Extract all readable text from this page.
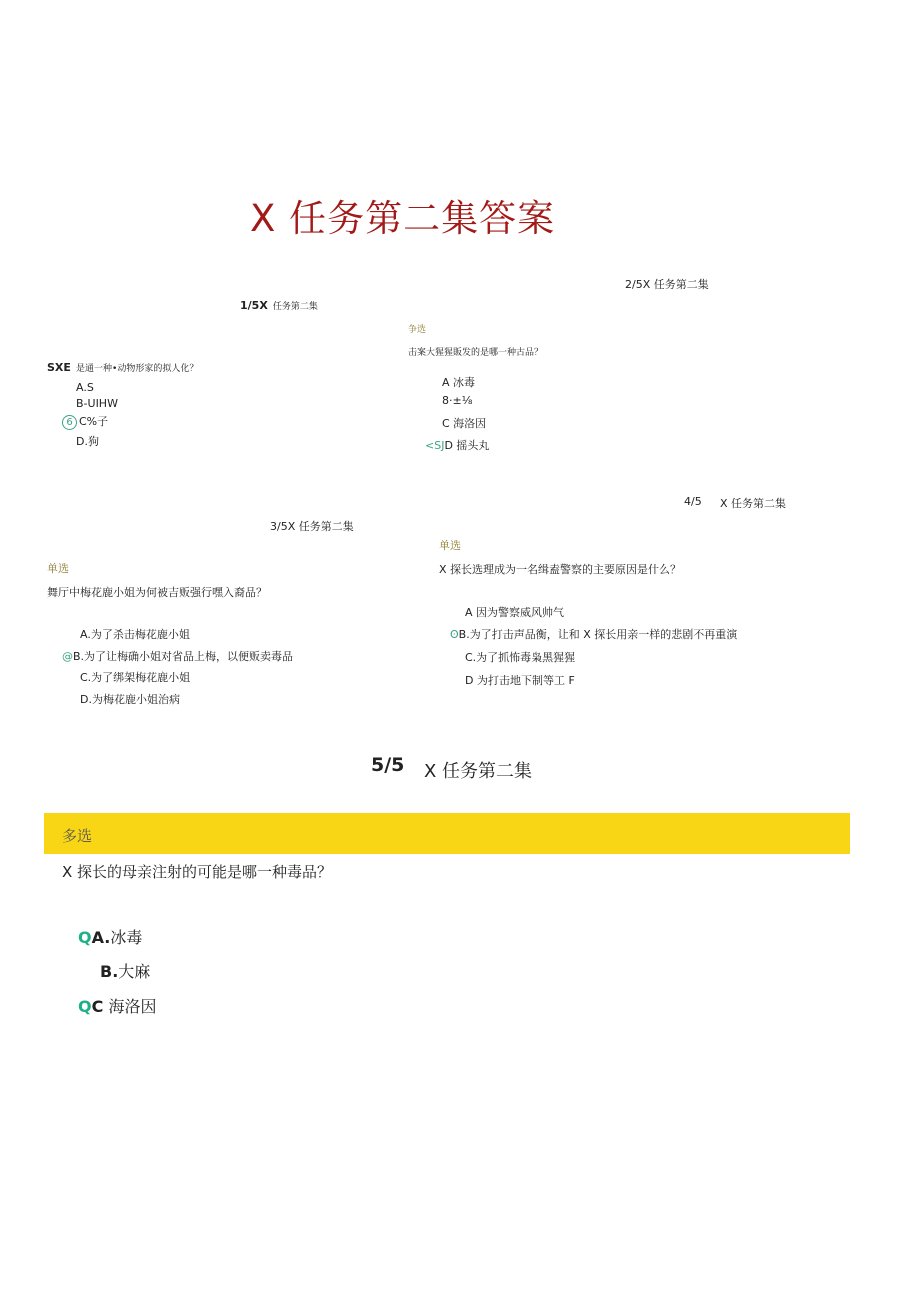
X 任务第二集答案
1/5X 任务第二集
SXE 是通一种•动物形家的拟人化？
A.S
B-UIHW
6 C%子
D.狗
2/5X 任务第二集
争选
击案大猩猩販发的是哪一种古品？
A 冰毒
8·±⅛
C 海洛因
<SJD 摇头丸
3/5X 任务第二集
单选
舞厅中梅花鹿小姐为何被吉贩强行嘿入裔品？
A.为了杀击梅花鹿小姐
@B.为了让梅确小姐对省品上梅，以便贩卖毒品
C.为了绑架梅花鹿小姐
D.为梅花鹿小姐治病
4/5 X 任务第二集
单选
X 探长选理成为一名缉盍警察的主要原因是什么？
A 因为警察威风帅气
ʘB.为了打击声品衡，让和 X 探长用亲一样的悲剧不再重演
C.为了抓怖毒枭黑猩猩
D 为打击地下制等工 F
5/5 X 任务第二集
多选
X 探长的母亲注射的可能是哪一种毒品？
QA.冰毒
B.大麻
QC 海洛因
